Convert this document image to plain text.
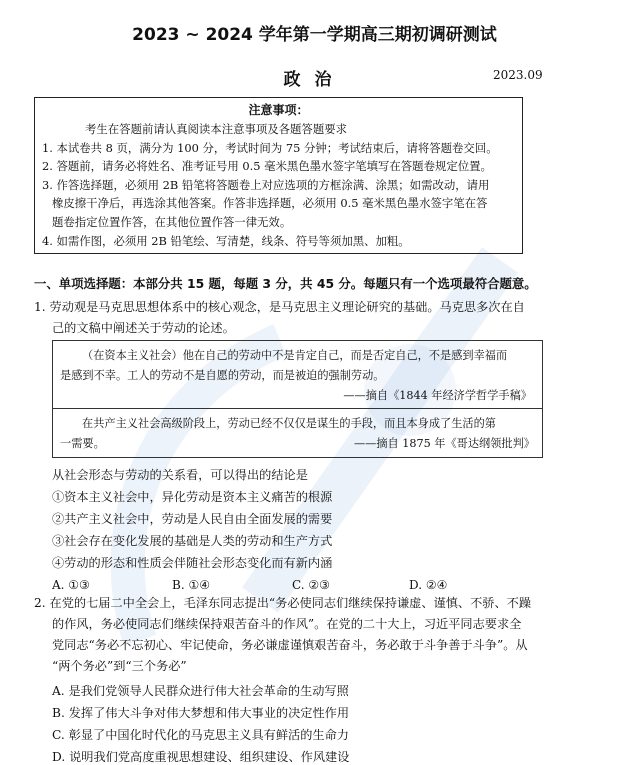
2023 ~ 2024 学年第一学期高三期初调研测试
政治	2023.09
注意事项：
考生在答题前请认真阅读本注意事项及各题答题要求
1. 本试卷共 8 页，满分为 100 分，考试时间为 75 分钟；考试结束后，请将答题卷交回。
2. 答题前，请务必将姓名、准考证号用 0.5 毫米黑色墨水签字笔填写在答题卷规定位置。
3. 作答选择题，必须用 2B 铅笔将答题卷上对应选项的方框涂满、涂黑；如需改动，请用
橡皮擦干净后，再选涂其他答案。作答非选择题，必须用 0.5 毫米黑色墨水签字笔在答
题卷指定位置作答，在其他位置作答一律无效。
4. 如需作图，必须用 2B 铅笔绘、写清楚，线条、符号等须加黑、加粗。
一、单项选择题：本部分共 15 题，每题 3 分，共 45 分。每题只有一个选项最符合题意。
1. 劳动观是马克思思想体系中的核心观念，是马克思主义理论研究的基础。马克思多次在自
己的文稿中阐述关于劳动的论述。
（在资本主义社会）他在自己的劳动中不是肯定自己，而是否定自己，不是感到幸福而
是感到不幸。工人的劳动不是自愿的劳动，而是被迫的强制劳动。
——摘自《1844 年经济学哲学手稿》
在共产主义社会高级阶段上，劳动已经不仅仅是谋生的手段，而且本身成了生活的第
一需要。	——摘自 1875 年《哥达纲领批判》
从社会形态与劳动的关系看，可以得出的结论是
①资本主义社会中，异化劳动是资本主义痛苦的根源
②共产主义社会中，劳动是人民自由全面发展的需要
③社会存在变化发展的基础是人类的劳动和生产方式
④劳动的形态和性质会伴随社会形态变化而有新内涵
A. ①③	B. ①④	C. ②③	D. ②④
2. 在党的七届二中全会上，毛泽东同志提出“务必使同志们继续保持谦虚、谨慎、不骄、不躁
的作风，务必使同志们继续保持艰苦奋斗的作风”。在党的二十大上，习近平同志要求全
党同志“务必不忘初心、牢记使命，务必谦虚谨慎艰苦奋斗，务必敢于斗争善于斗争”。从
“两个务必”到“三个务必”
A. 是我们党领导人民群众进行伟大社会革命的生动写照
B. 发挥了伟大斗争对伟大梦想和伟大事业的决定性作用
C. 彰显了中国化时代化的马克思主义具有鲜活的生命力
D. 说明我们党高度重视思想建设、组织建设、作风建设
